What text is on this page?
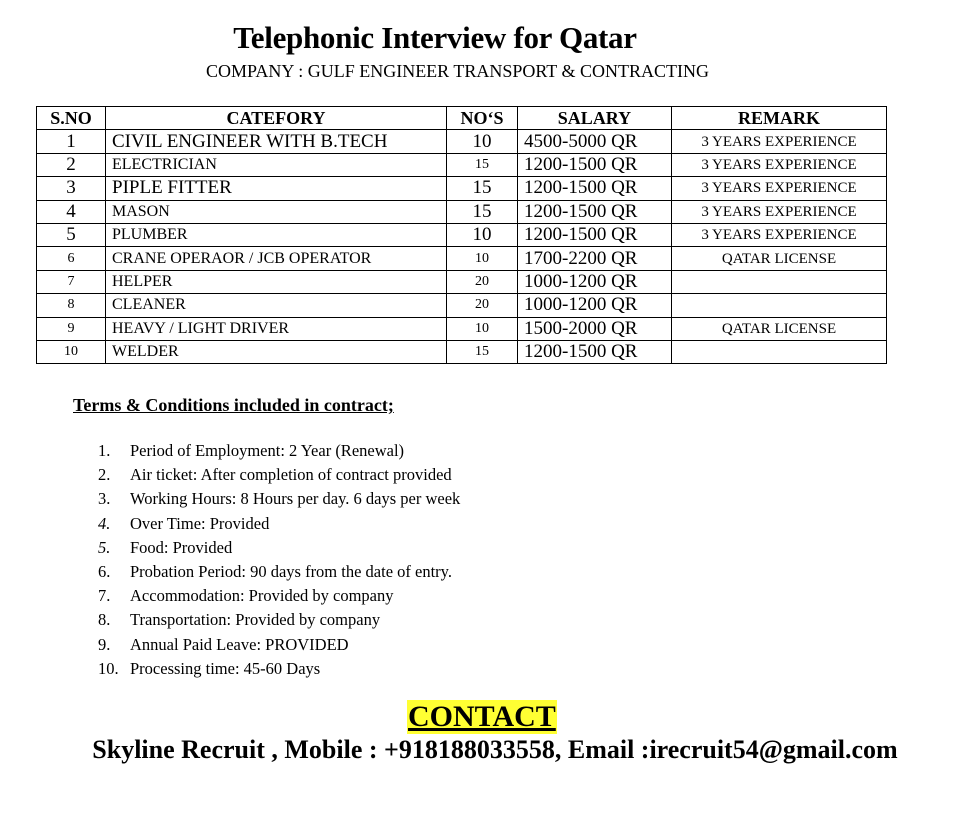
Telephonic Interview for Qatar
COMPANY : GULF ENGINEER TRANSPORT & CONTRACTING
S.NO	CATEFORY	NO‘S	SALARY	REMARK
1	CIVIL ENGINEER WITH B.TECH	10	4500-5000 QR	3 YEARS EXPERIENCE
2	ELECTRICIAN	15	1200-1500 QR	3 YEARS EXPERIENCE
3	PIPLE FITTER	15	1200-1500 QR	3 YEARS EXPERIENCE
4	MASON	15	1200-1500 QR	3 YEARS EXPERIENCE
5	PLUMBER	10	1200-1500 QR	3 YEARS EXPERIENCE
6	CRANE OPERAOR / JCB OPERATOR	10	1700-2200 QR	QATAR LICENSE
7	HELPER	20	1000-1200 QR	
8	CLEANER	20	1000-1200 QR	
9	HEAVY / LIGHT DRIVER	10	1500-2000 QR	QATAR LICENSE
10	WELDER	15	1200-1500 QR	
Terms & Conditions included in contract;
1. Period of Employment: 2 Year (Renewal)
2. Air ticket: After completion of contract provided
3. Working Hours: 8 Hours per day. 6 days per week
4. Over Time: Provided
5. Food: Provided
6. Probation Period: 90 days from the date of entry.
7. Accommodation: Provided by company
8. Transportation: Provided by company
9. Annual Paid Leave: PROVIDED
10. Processing time: 45-60 Days
CONTACT
Skyline Recruit , Mobile : +918188033558, Email :irecruit54@gmail.com
